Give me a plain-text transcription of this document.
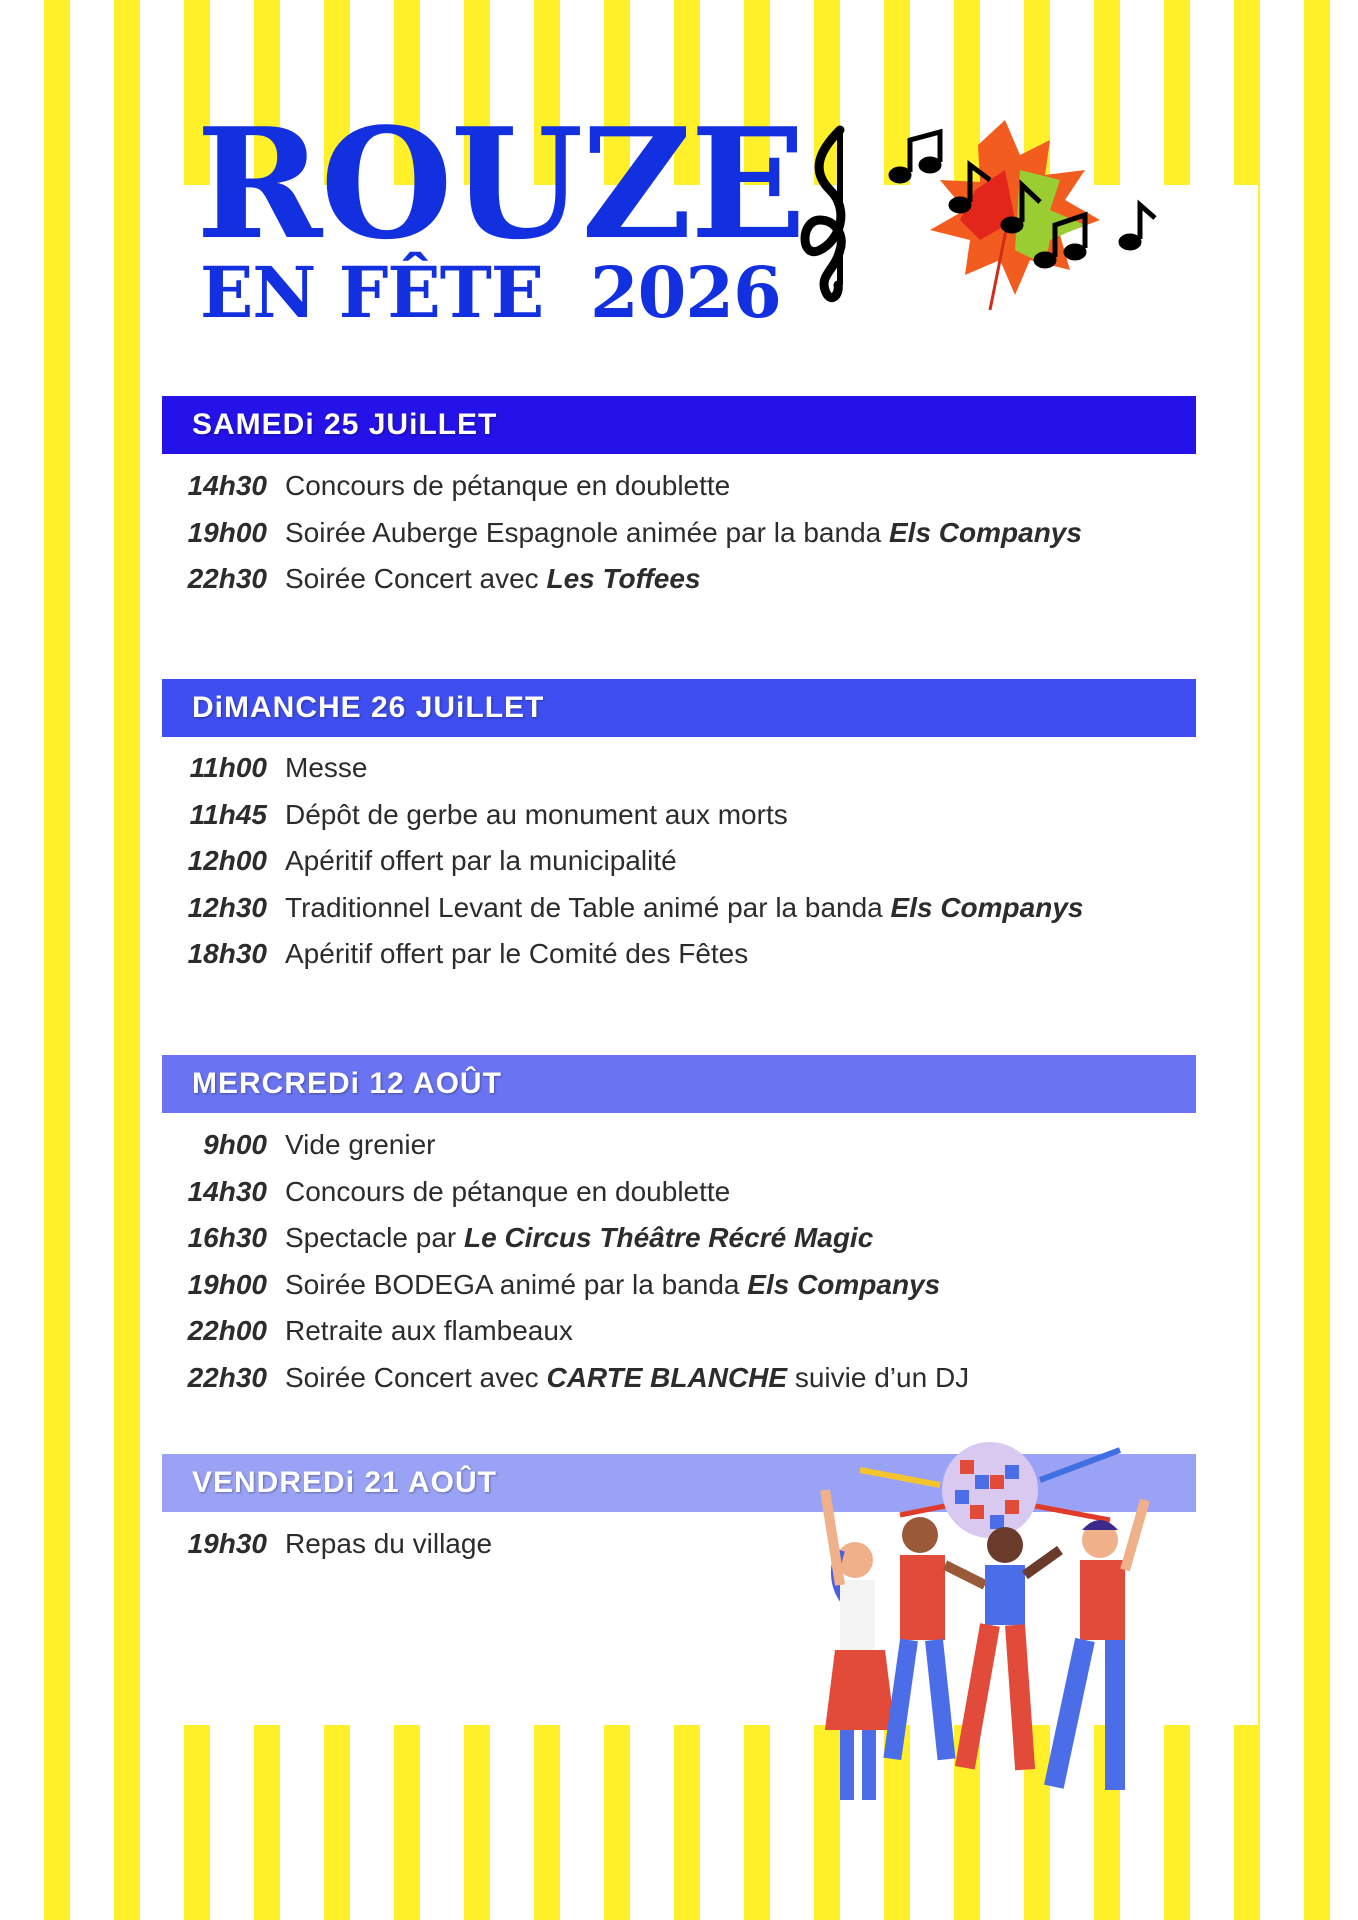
ROUZE
EN FÊTE  2026
SAMEDi 25 JUiLLET
14h30 Concours de pétanque en doublette
19h00 Soirée Auberge Espagnole animée par la banda
Els Companys
22h30 Soirée Concert avec
Les Toffees
DiMANCHE 26 JUiLLET
11h00 Messe
11h45 Dépôt de gerbe au monument aux morts
12h00 Apéritif offert par la municipalité
12h30 Traditionnel Levant de Table animé par la banda
Els Companys
18h30 Apéritif offert par le Comité des Fêtes
MERCREDi 12 AOÛT
9h00 Vide grenier
14h30 Concours de pétanque en doublette
16h30 Spectacle par
Le Circus Théâtre Récré Magic
19h00 Soirée BODEGA animé par la banda
Els Companys
22h00 Retraite aux flambeaux
22h30 Soirée Concert avec
CARTE BLANCHE
suivie d’un DJ
VENDREDi 21 AOÛT
19h30 Repas du village
